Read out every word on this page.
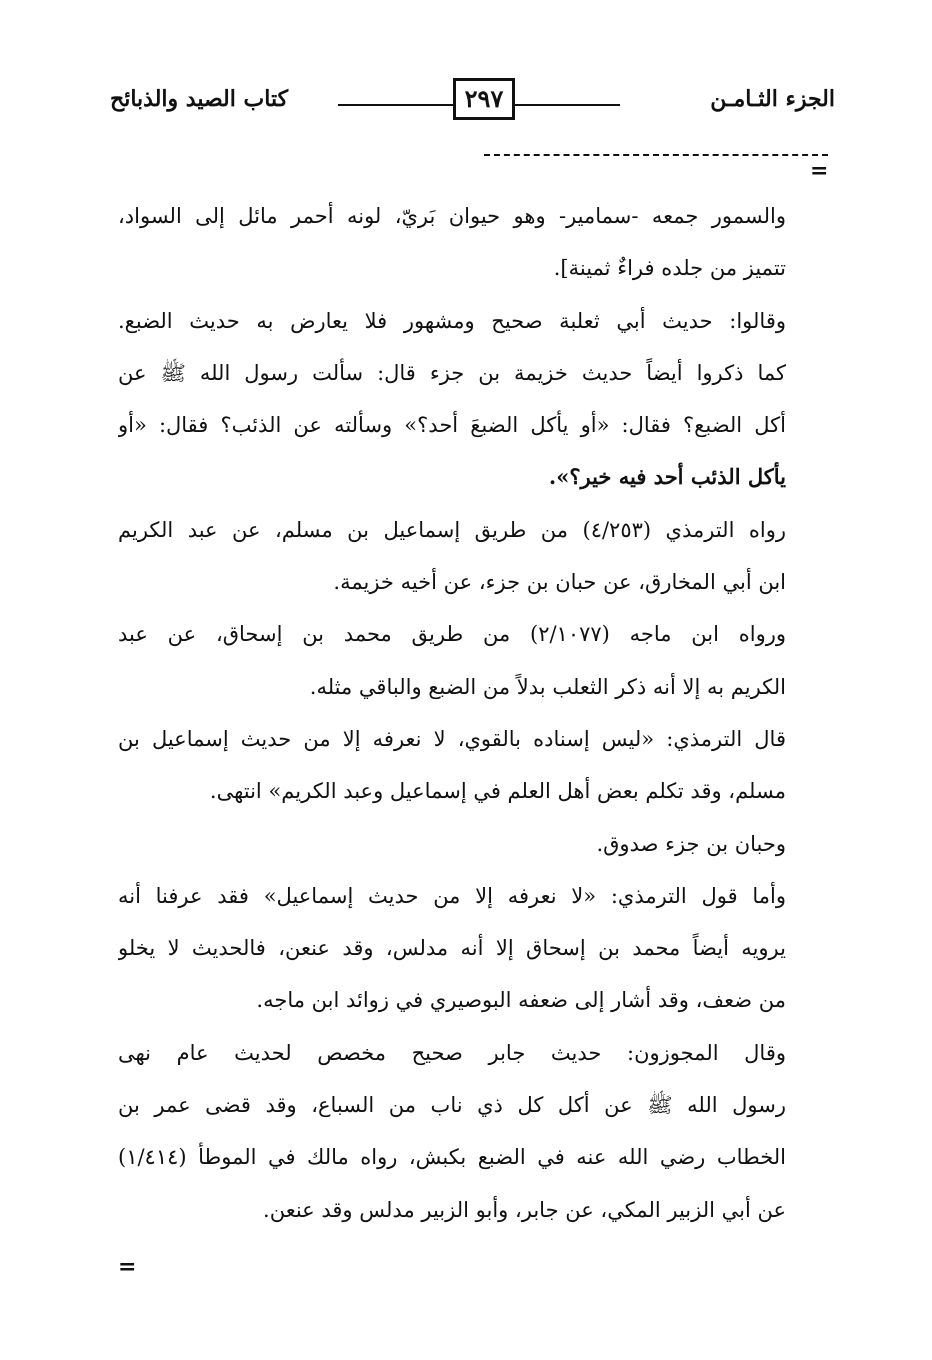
الجزء الثـامـن
٢٩٧
كتاب الصيد والذبائح
=
والسمور جمعه -سمامير- وهو حيوان بَريّ، لونه أحمر مائل إلى السواد،
تتميز من جلده فراءٌ ثمينة].
وقالوا: حديث أبي ثعلبة صحيح ومشهور فلا يعارض به حديث الضبع.
كما ذكروا أيضاً حديث خزيمة بن جزء قال: سألت رسول الله ﷺ عن
أكل الضبع؟ فقال: «أو يأكل الضبعَ أحد؟» وسألته عن الذئب؟ فقال: «أو
يأكل الذئب أحد فيه خير؟».
رواه الترمذي (٤/٢٥٣) من طريق إسماعيل بن مسلم، عن عبد الكريم
ابن أبي المخارق، عن حبان بن جزء، عن أخيه خزيمة.
ورواه ابن ماجه (٢/١٠٧٧) من طريق محمد بن إسحاق، عن عبد
الكريم به إلا أنه ذكر الثعلب بدلاً من الضبع والباقي مثله.
قال الترمذي: «ليس إسناده بالقوي، لا نعرفه إلا من حديث إسماعيل بن
مسلم، وقد تكلم بعض أهل العلم في إسماعيل وعبد الكريم» انتهى.
وحبان بن جزء صدوق.
وأما قول الترمذي: «لا نعرفه إلا من حديث إسماعيل» فقد عرفنا أنه
يرويه أيضاً محمد بن إسحاق إلا أنه مدلس، وقد عنعن، فالحديث لا يخلو
من ضعف، وقد أشار إلى ضعفه البوصيري في زوائد ابن ماجه.
وقال المجوزون: حديث جابر صحيح مخصص لحديث عام نهى
رسول الله ﷺ عن أكل كل ذي ناب من السباع، وقد قضى عمر بن
الخطاب رضي الله عنه في الضبع بكبش، رواه مالك في الموطأ (١/٤١٤)
عن أبي الزبير المكي، عن جابر، وأبو الزبير مدلس وقد عنعن.
=
